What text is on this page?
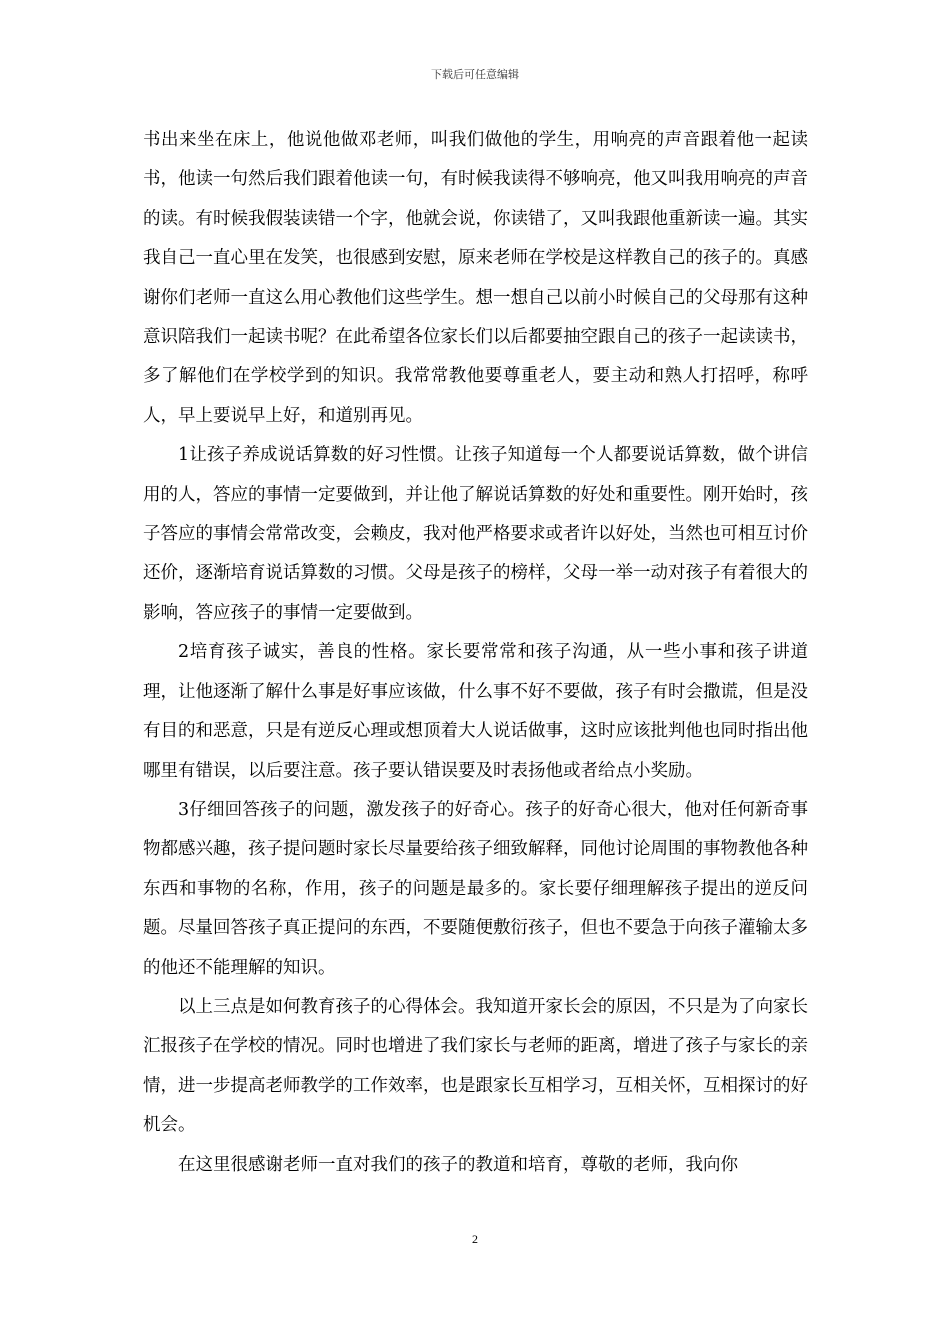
下载后可任意编辑

书出来坐在床上，他说他做邓老师，叫我们做他的学生，用响亮的声音跟着他一起读书，他读一句然后我们跟着他读一句，有时候我读得不够响亮，他又叫我用响亮的声音的读。有时候我假装读错一个字，他就会说，你读错了，又叫我跟他重新读一遍。其实我自己一直心里在发笑，也很感到安慰，原来老师在学校是这样教自己的孩子的。真感谢你们老师一直这么用心教他们这些学生。想一想自己以前小时候自己的父母那有这种意识陪我们一起读书呢？在此希望各位家长们以后都要抽空跟自己的孩子一起读读书，多了解他们在学校学到的知识。我常常教他要尊重老人，要主动和熟人打招呼，称呼人，早上要说早上好，和道别再见。

1让孩子养成说话算数的好习性惯。让孩子知道每一个人都要说话算数，做个讲信用的人，答应的事情一定要做到，并让他了解说话算数的好处和重要性。刚开始时，孩子答应的事情会常常改变，会赖皮，我对他严格要求或者许以好处，当然也可相互讨价还价，逐渐培育说话算数的习惯。父母是孩子的榜样，父母一举一动对孩子有着很大的影响，答应孩子的事情一定要做到。

2培育孩子诚实，善良的性格。家长要常常和孩子沟通，从一些小事和孩子讲道理，让他逐渐了解什么事是好事应该做，什么事不好不要做，孩子有时会撒谎，但是没有目的和恶意，只是有逆反心理或想顶着大人说话做事，这时应该批判他也同时指出他哪里有错误，以后要注意。孩子要认错误要及时表扬他或者给点小奖励。

3仔细回答孩子的问题，激发孩子的好奇心。孩子的好奇心很大，他对任何新奇事物都感兴趣，孩子提问题时家长尽量要给孩子细致解释，同他讨论周围的事物教他各种东西和事物的名称，作用，孩子的问题是最多的。家长要仔细理解孩子提出的逆反问题。尽量回答孩子真正提问的东西，不要随便敷衍孩子，但也不要急于向孩子灌输太多的他还不能理解的知识。

以上三点是如何教育孩子的心得体会。我知道开家长会的原因，不只是为了向家长汇报孩子在学校的情况。同时也增进了我们家长与老师的距离，增进了孩子与家长的亲情，进一步提高老师教学的工作效率，也是跟家长互相学习，互相关怀，互相探讨的好机会。

在这里很感谢老师一直对我们的孩子的教道和培育，尊敬的老师，我向你

2
